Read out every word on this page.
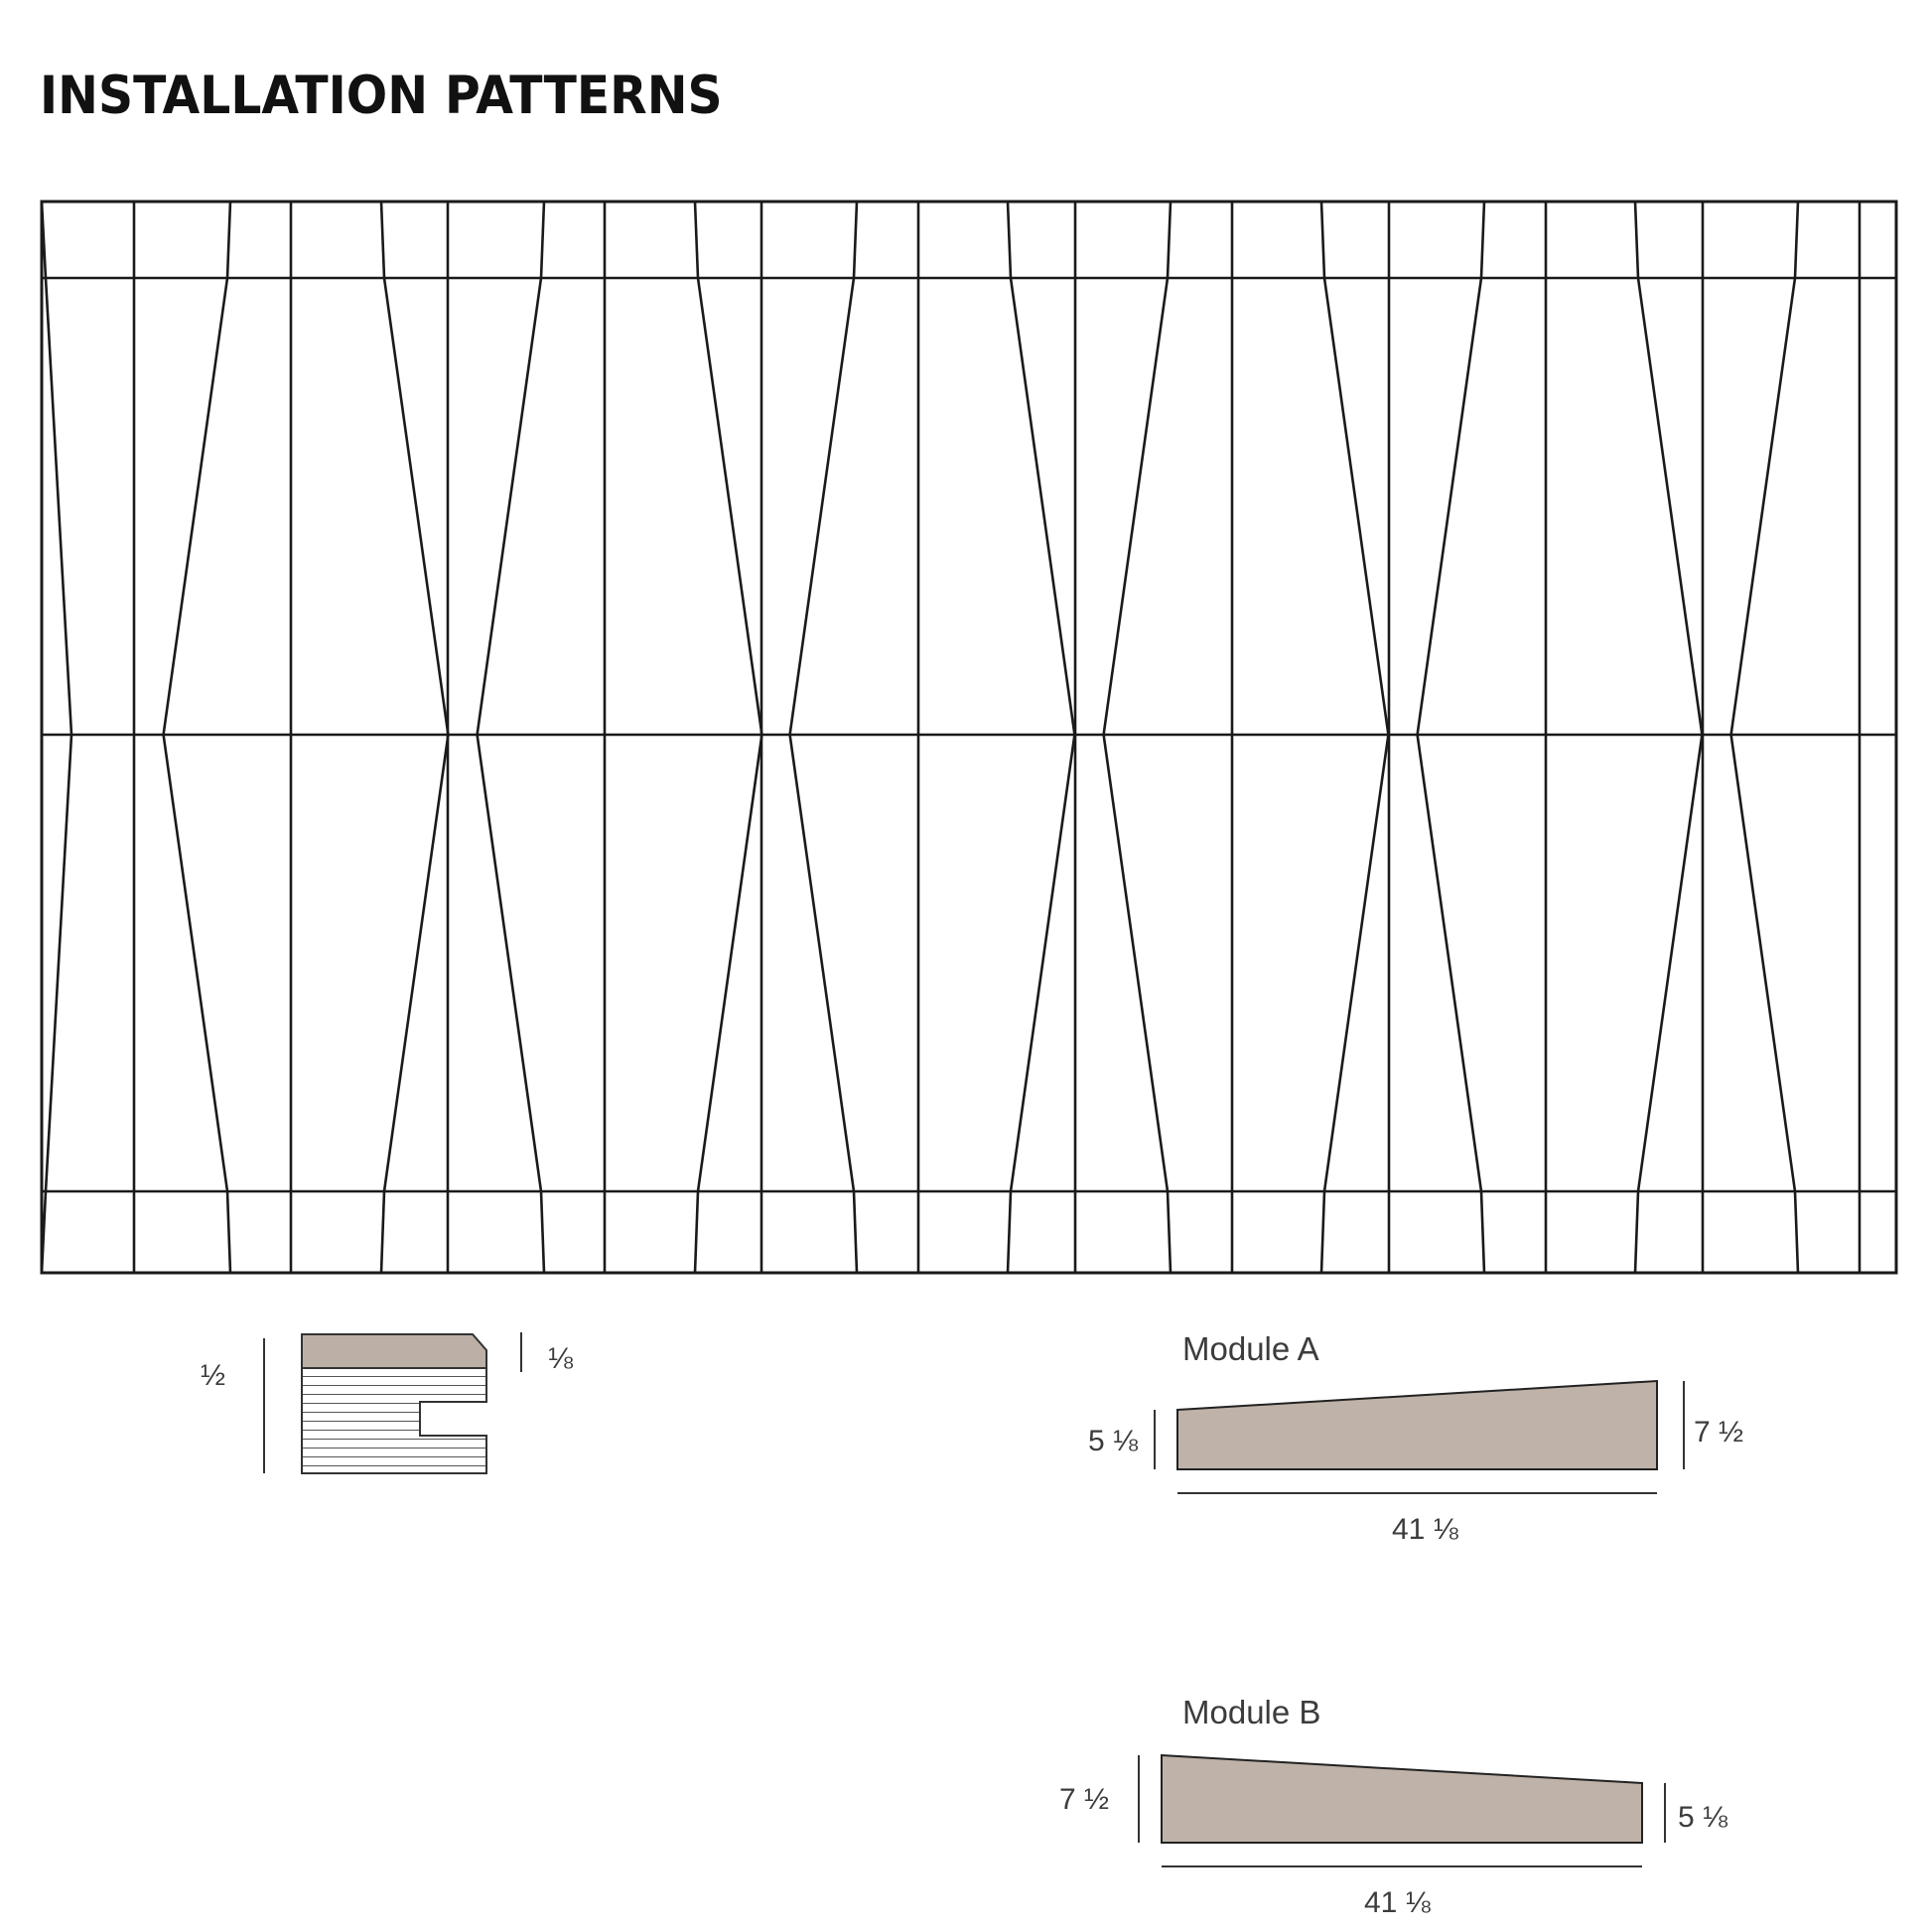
INSTALLATION PATTERNS
½
⅛	Module A
5 ⅛	7 ½
41 ⅛
Module B
7 ½
5 ⅛
41 ⅛
